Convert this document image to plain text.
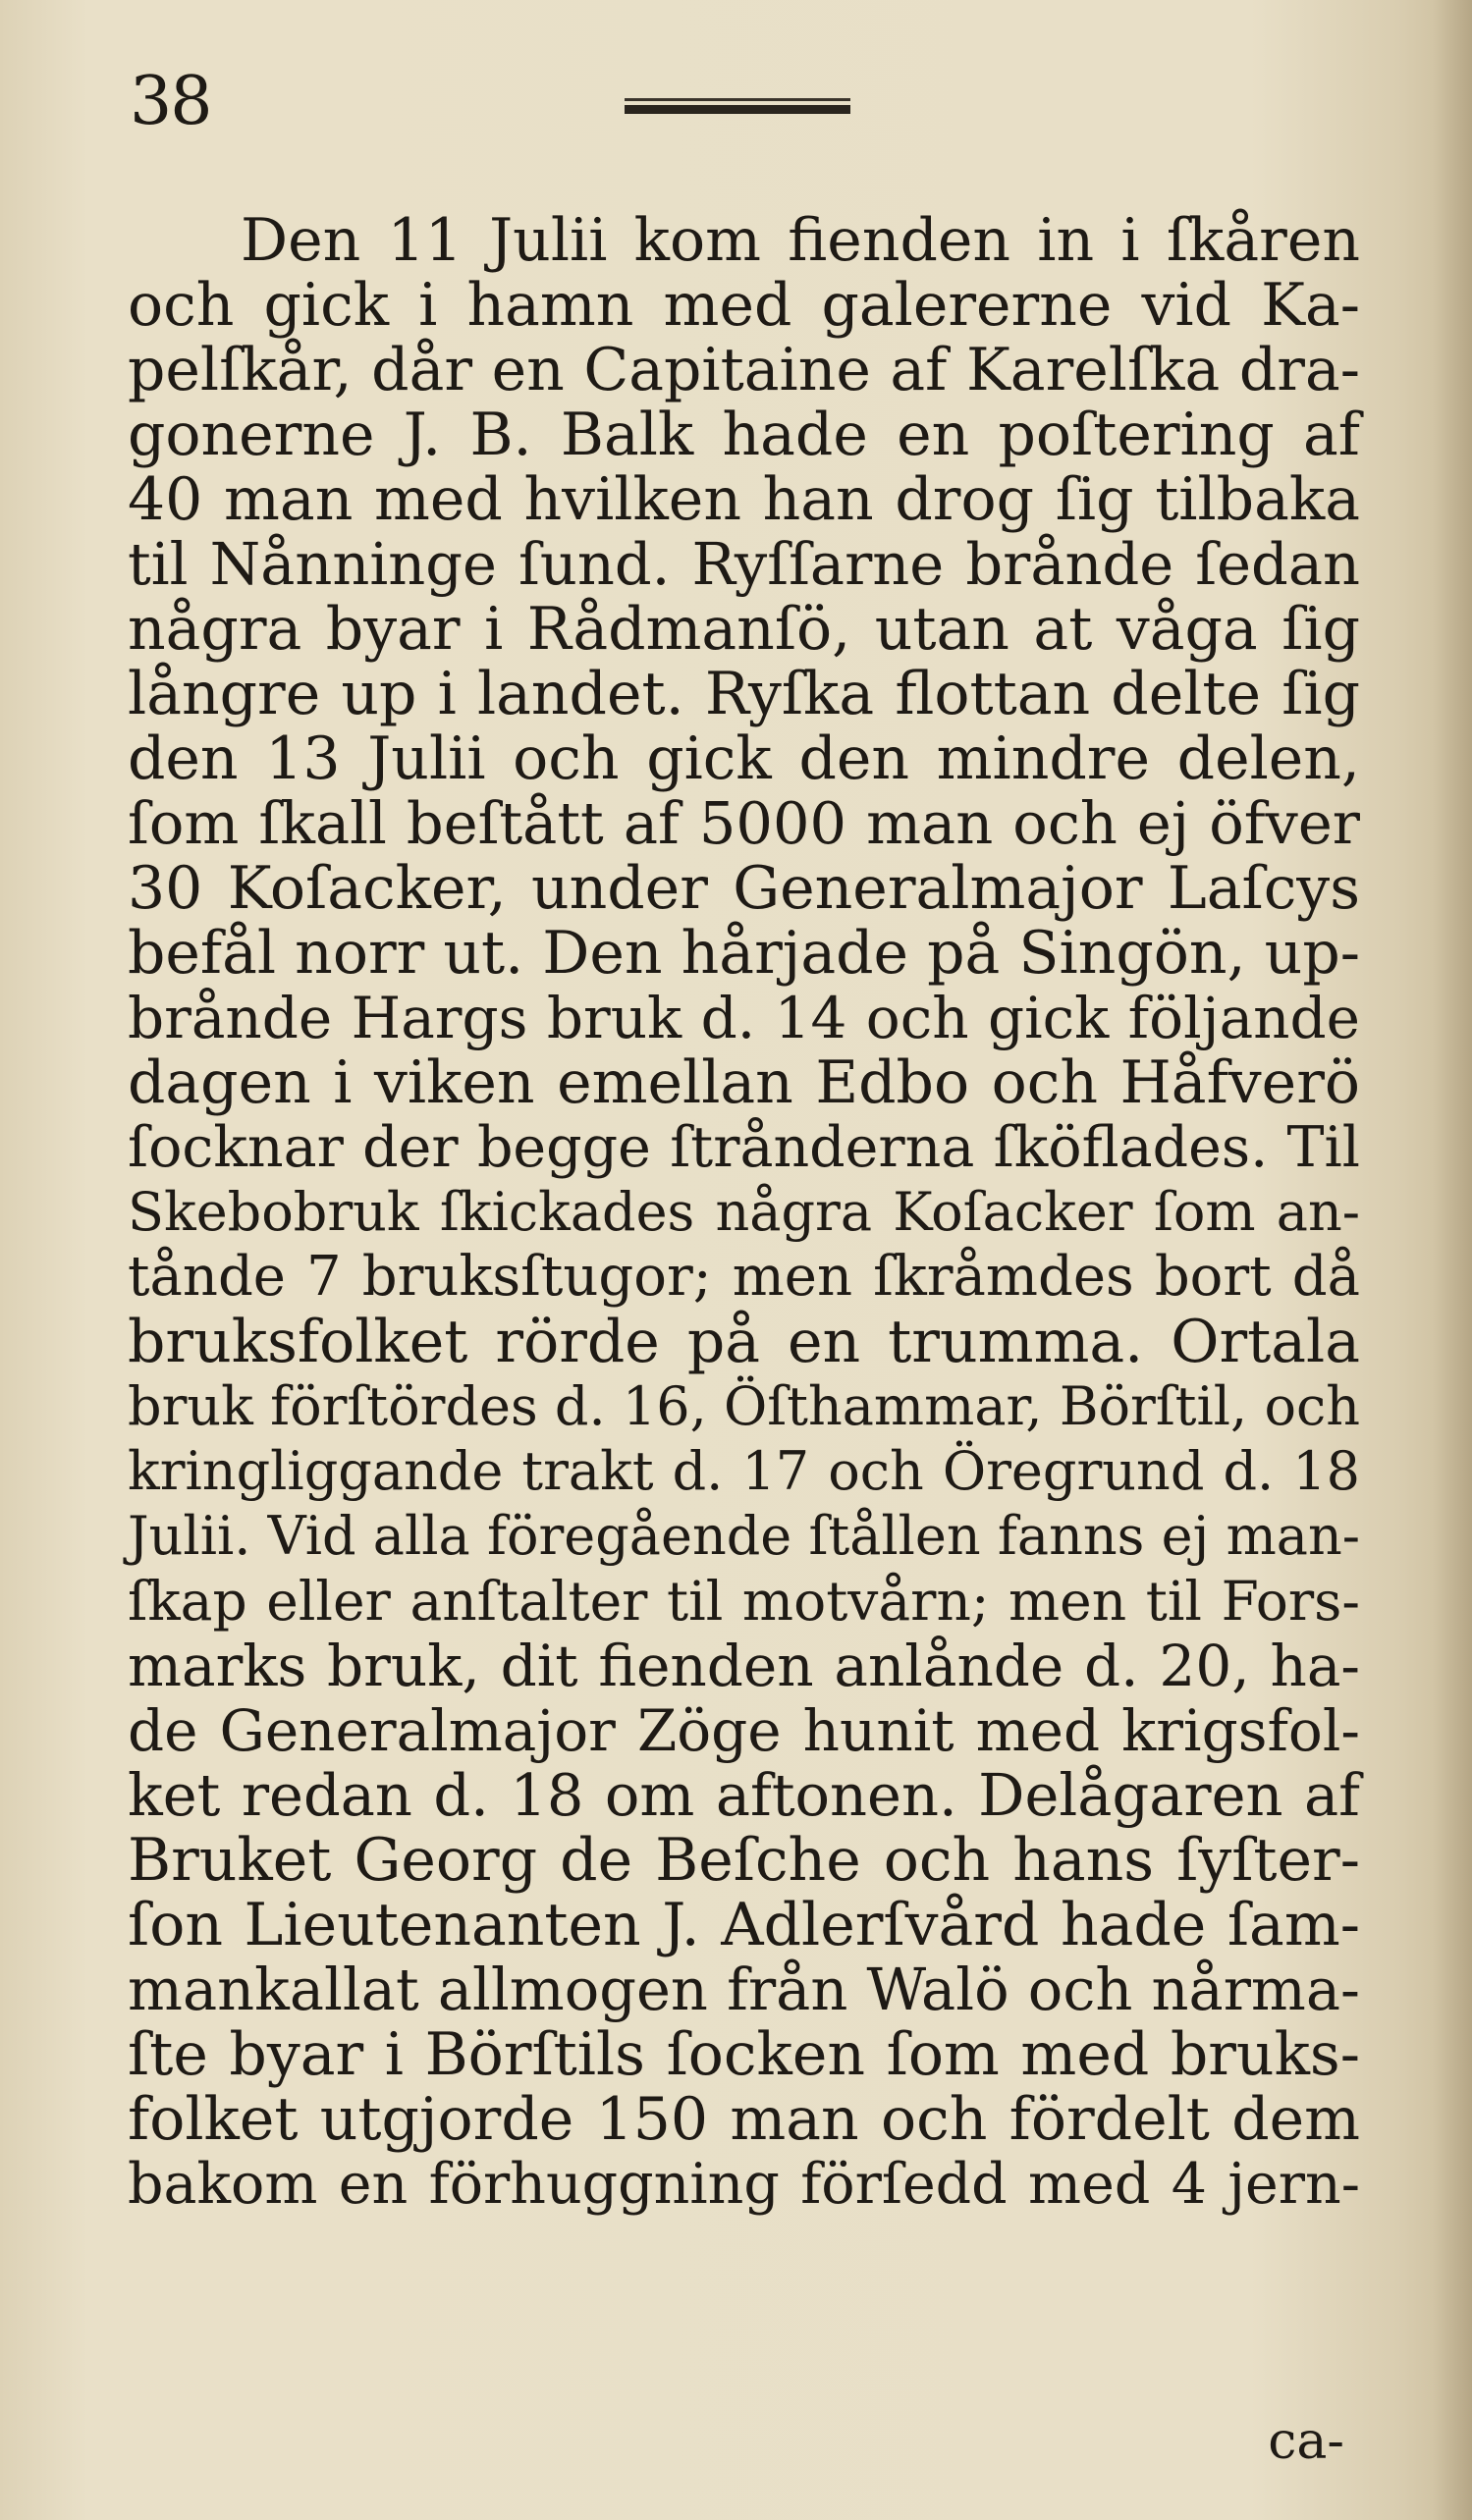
38
Den 11 Julii kom fienden in i ſkåren
och gick i hamn med galererne vid Ka-
pelſkår, dår en Capitaine af Karelſka dra-
gonerne J. B. Balk hade en poſtering af
40 man med hvilken han drog ſig tilbaka
til Nånninge ſund. Ryſſarne brånde ſedan
några byar i Rådmanſö, utan at våga ſig
långre up i landet. Ryſka flottan delte ſig
den 13 Julii och gick den mindre delen,
ſom ſkall beſtått af 5000 man och ej öfver
30 Koſacker, under Generalmajor Laſcys
befål norr ut. Den hårjade på Singön, up-
brånde Hargs bruk d. 14 och gick följande
dagen i viken emellan Edbo och Håfverö
ſocknar der begge ſtrånderna ſköflades. Til
Skebobruk ſkickades några Koſacker ſom an-
tånde 7 bruksſtugor; men ſkråmdes bort då
bruksfolket rörde på en trumma. Ortala
bruk förſtördes d. 16, Öſthammar, Börſtil, och
kringliggande trakt d. 17 och Öregrund d. 18
Julii. Vid alla föregående ſtållen fanns ej man-
ſkap eller anſtalter til motvårn; men til Fors-
marks bruk, dit fienden anlånde d. 20, ha-
de Generalmajor Zöge hunit med krigsfol-
ket redan d. 18 om aftonen. Delågaren af
Bruket Georg de Beſche och hans ſyſter-
ſon Lieutenanten J. Adlerſvård hade ſam-
mankallat allmogen från Walö och nårma-
ſte byar i Börſtils ſocken ſom med bruks-
folket utgjorde 150 man och fördelt dem
bakom en förhuggning förſedd med 4 jern-
ca-
